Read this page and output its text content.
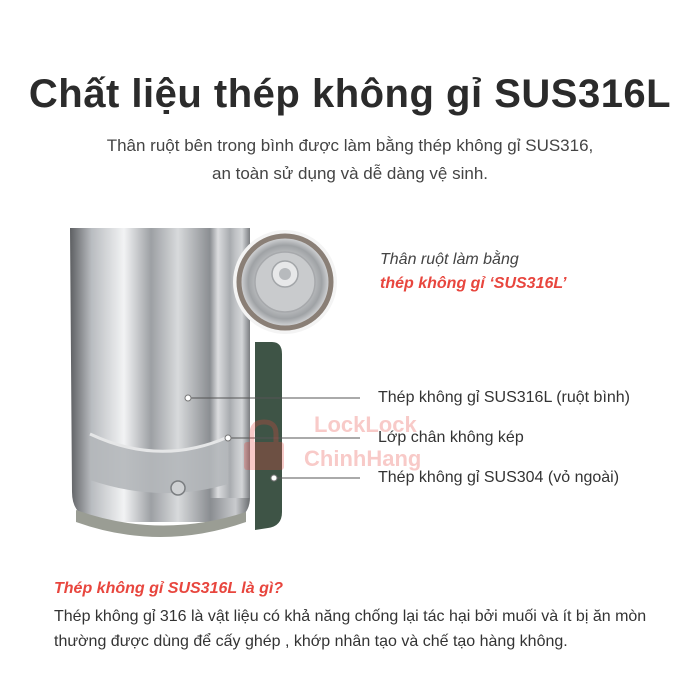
Chất liệu thép không gỉ SUS316L
Thân ruột bên trong bình được làm bằng thép không gỉ SUS316,
an toàn sử dụng và dễ dàng vệ sinh.
Thân ruột làm bằng
thép không gỉ ‘SUS316L’
Thép không gỉ SUS316L (ruột bình)
Lớp chân không kép
Thép không gỉ SUS304 (vỏ ngoài)
LockLock
ChinhHang
Thép không gỉ SUS316L là gì?
Thép không gỉ 316 là vật liệu có khả năng chống lại tác hại bởi muối và ít bị ăn mòn
thường được dùng để cấy ghép , khớp nhân tạo và chế tạo hàng không.
